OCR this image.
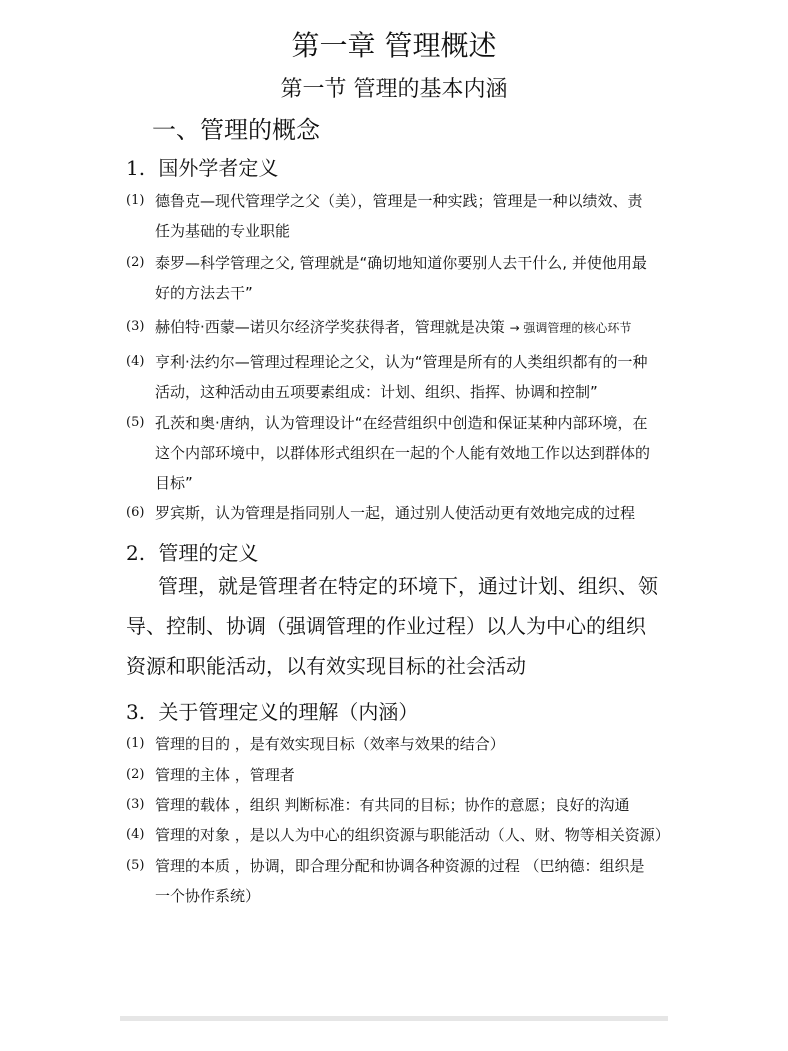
第一章 管理概述
第一节 管理的基本内涵
一、管理的概念
1. 国外学者定义
(1) 德鲁克—现代管理学之父（美），管理是一种实践；管理是一种以绩效、责
任为基础的专业职能
(2) 泰罗—科学管理之父, 管理就是“确切地知道你要别人去干什么, 并使他用最
好的方法去干”
(3) 赫伯特·西蒙—诺贝尔经济学奖获得者，管理就是决策 → 强调管理的核心环节
(4) 亨利·法约尔—管理过程理论之父，认为“管理是所有的人类组织都有的一种
活动，这种活动由五项要素组成：计划、组织、指挥、协调和控制”
(5) 孔茨和奥·唐纳，认为管理设计“在经营组织中创造和保证某种内部环境，在
这个内部环境中，以群体形式组织在一起的个人能有效地工作以达到群体的
目标”
(6) 罗宾斯，认为管理是指同别人一起，通过别人使活动更有效地完成的过程
2. 管理的定义
管理，就是管理者在特定的环境下，通过计划、组织、领
导、控制、协调（强调管理的作业过程）以人为中心的组织
资源和职能活动，以有效实现目标的社会活动
3. 关于管理定义的理解（内涵）
(1) 管理的目的 ，是有效实现目标（效率与效果的结合）
(2) 管理的主体 ，管理者
(3) 管理的载体 ，组织 判断标准：有共同的目标；协作的意愿；良好的沟通
(4) 管理的对象 ，是以人为中心的组织资源与职能活动（人、财、物等相关资源）
(5) 管理的本质 ，协调，即合理分配和协调各种资源的过程 （巴纳德：组织是
一个协作系统）
